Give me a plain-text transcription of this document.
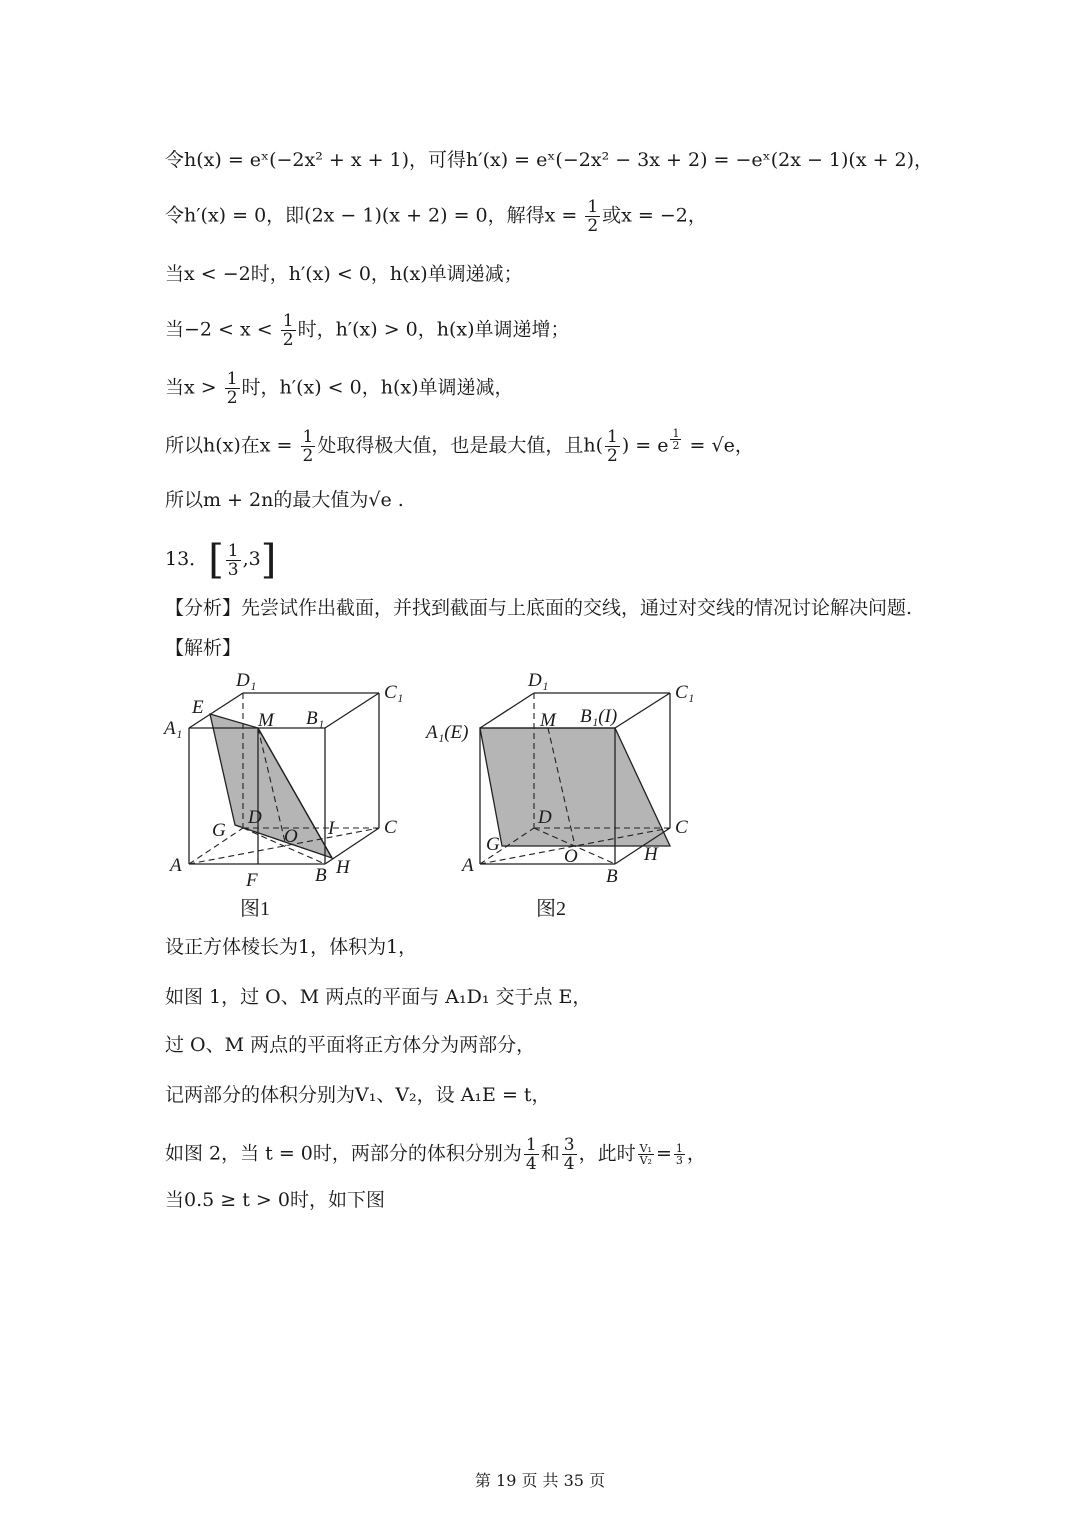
令h(x) = eˣ(−2x² + x + 1)，可得h′(x) = eˣ(−2x² − 3x + 2) = −eˣ(2x − 1)(x + 2)，
令h′(x) = 0，即(2x − 1)(x + 2) = 0，解得$x = \frac{1}{2}$ 或x = −2，
当x < −2时，h′(x) < 0，h(x)单调递减；
当$-2 < x < \frac{1}{2}$ 时，h′(x) > 0，h(x)单调递增；
当$x > \frac{1}{2}$ 时，h′(x) < 0，h(x)单调递减，
所以h(x)在$x = \frac{1}{2}$ 处取得极大值，也是最大值，且$h( \frac{1}{2}$ ) = e $\frac{1}{2} = √e$，
所以m + 2n的最大值为√e .
13．[ $\frac{1}{3} ,3$]
【分析】先尝试作出截面，并找到截面与上底面的交线，通过对交线的情况讨论解决问题.
【解析】
D₁
C₁
E
A₁	M B₁
G
D
O I	C
A
F	B H
图1
D₁
C₁
A₁(E)
M B₁(I)
D	C
G
O	H
A
B
图2
设正方体棱长为1，体积为1，
如图 1，过 O、M 两点的平面与 A₁D₁ 交于点 E，
过 O、M 两点的平面将正方体分为两部分，
记两部分的体积分别为V₁、V₂，设 A₁E = t，
如图 2，当 t = 0时，两部分的体积分别为 $\frac{1}{4}$ 和 $\frac{3}{4}$ ，此时 $\frac{\text{V₁}}{\text{V₂}} = \frac{1}{3}$ ，
当0.5 ≥ t > 0时，如下图
第 19 页 共 35 页
